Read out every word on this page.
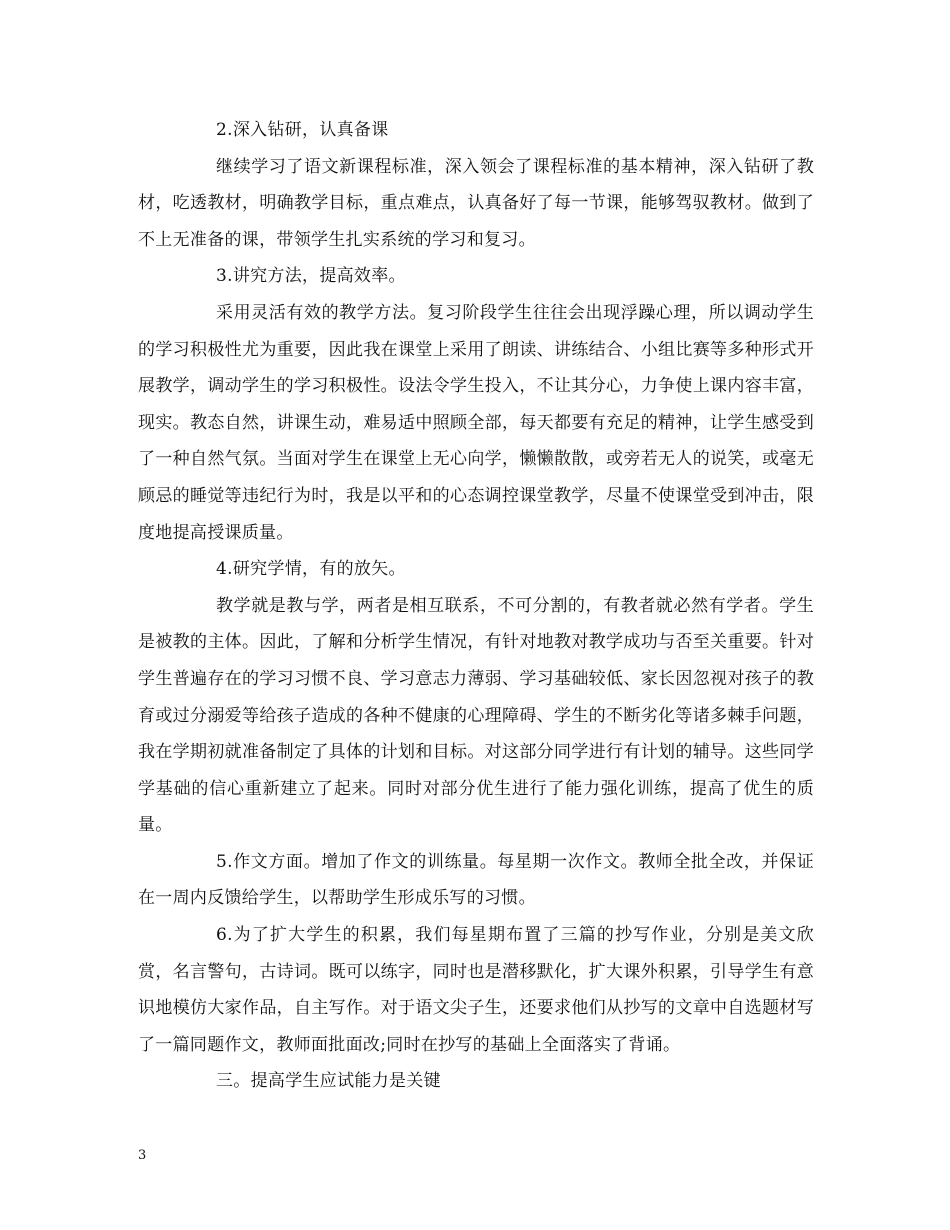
2.深入钻研，认真备课

继续学习了语文新课程标准，深入领会了课程标准的基本精神，深入钻研了教材，吃透教材，明确教学目标，重点难点，认真备好了每一节课，能够驾驭教材。做到了不上无准备的课，带领学生扎实系统的学习和复习。

3.讲究方法，提高效率。

采用灵活有效的教学方法。复习阶段学生往往会出现浮躁心理，所以调动学生的学习积极性尤为重要，因此我在课堂上采用了朗读、讲练结合、小组比赛等多种形式开展教学，调动学生的学习积极性。设法令学生投入，不让其分心，力争使上课内容丰富，现实。教态自然，讲课生动，难易适中照顾全部，每天都要有充足的精神，让学生感受到了一种自然气氛。当面对学生在课堂上无心向学，懒懒散散，或旁若无人的说笑，或毫无顾忌的睡觉等违纪行为时，我是以平和的心态调控课堂教学，尽量不使课堂受到冲击，限度地提高授课质量。

4.研究学情，有的放矢。

教学就是教与学，两者是相互联系，不可分割的，有教者就必然有学者。学生是被教的主体。因此，了解和分析学生情况，有针对地教对教学成功与否至关重要。针对学生普遍存在的学习习惯不良、学习意志力薄弱、学习基础较低、家长因忽视对孩子的教育或过分溺爱等给孩子造成的各种不健康的心理障碍、学生的不断劣化等诸多棘手问题，我在学期初就准备制定了具体的计划和目标。对这部分同学进行有计划的辅导。这些同学学基础的信心重新建立了起来。同时对部分优生进行了能力强化训练，提高了优生的质量。

5.作文方面。增加了作文的训练量。每星期一次作文。教师全批全改，并保证在一周内反馈给学生，以帮助学生形成乐写的习惯。

6.为了扩大学生的积累，我们每星期布置了三篇的抄写作业，分别是美文欣赏，名言警句，古诗词。既可以练字，同时也是潜移默化，扩大课外积累，引导学生有意识地模仿大家作品，自主写作。对于语文尖子生，还要求他们从抄写的文章中自选题材写了一篇同题作文，教师面批面改;同时在抄写的基础上全面落实了背诵。

三。提高学生应试能力是关键

3
